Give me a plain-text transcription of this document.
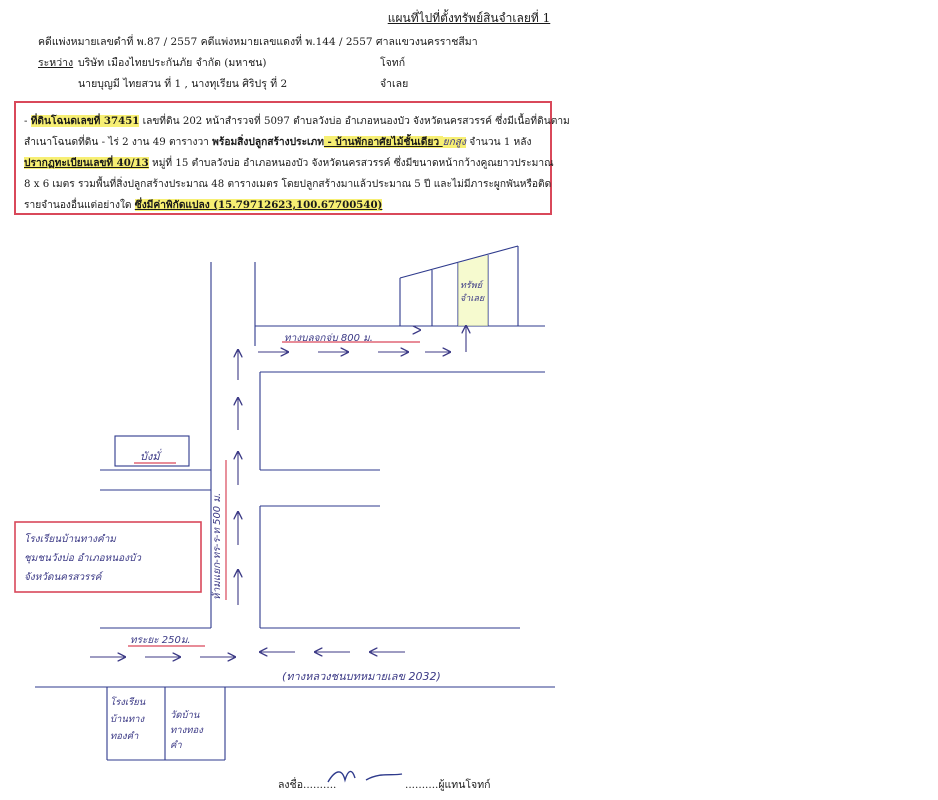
แผนที่ไปที่ตั้งทรัพย์สินจำเลยที่ 1
คดีแพ่งหมายเลขดำที่ พ.87 / 2557 คดีแพ่งหมายเลขแดงที่ พ.144 / 2557 ศาลแขวงนครราชสีมา
ระหว่าง บริษัท เมืองไทยประกันภัย จำกัด (มหาชน)	โจทก์
นายบุญมี ไทยสวน ที่ 1 , นางทุเรียน ศิริปรุ ที่ 2	จำเลย

- ที่ดินโฉนดเลขที่ 37451 เลขที่ดิน 202 หน้าสำรวจที่ 5097 ตำบลวังบ่อ อำเภอหนองบัว จังหวัดนครสวรรค์ ซึ่งมีเนื้อที่ดินตาม

สำเนาโฉนดที่ดิน - ไร่ 2 งาน 49 ตารางวา พร้อมสิ่งปลูกสร้างประเภท - บ้านพักอาศัยไม้ชั้นเดียว ยกสูง จำนวน 1 หลัง

ปรากฏทะเบียนเลขที่ 40/13 หมู่ที่ 15 ตำบลวังบ่อ อำเภอหนองบัว จังหวัดนครสวรรค์ ซึ่งมีขนาดหน้ากว้างคูณยาวประมาณ

8 x 6 เมตร รวมพื้นที่สิ่งปลูกสร้างประมาณ 48 ตารางเมตร โดยปลูกสร้างมาแล้วประมาณ 5 ปี และไม่มีภาระผูกพันหรือติด

รายจำนองอื่นแต่อย่างใด ซึ่งมีค่าพิกัดแปลง (15.79712623,100.67700540)

ทางบลจกจ่บ 800 ม.
ห้ามแยก-ทร-ร-ท 500 ม.
ทระยะ 250ม.
บังมั่
โรงเรียนบ้านทางคำม
ชุมชนวังบ่อ อำเภอหนองบัว
จังหวัดนครสวรรค์
ทรัพย์
จำเลย
(ทางหลวงชนบทหมายเลข 2032)
โรงเรียน
บ้านทาง
ทองคำ
วัดบ้าน
ทางทอง
คำ
ลงชื่อ..........	..........ผู้แทนโจทก์
